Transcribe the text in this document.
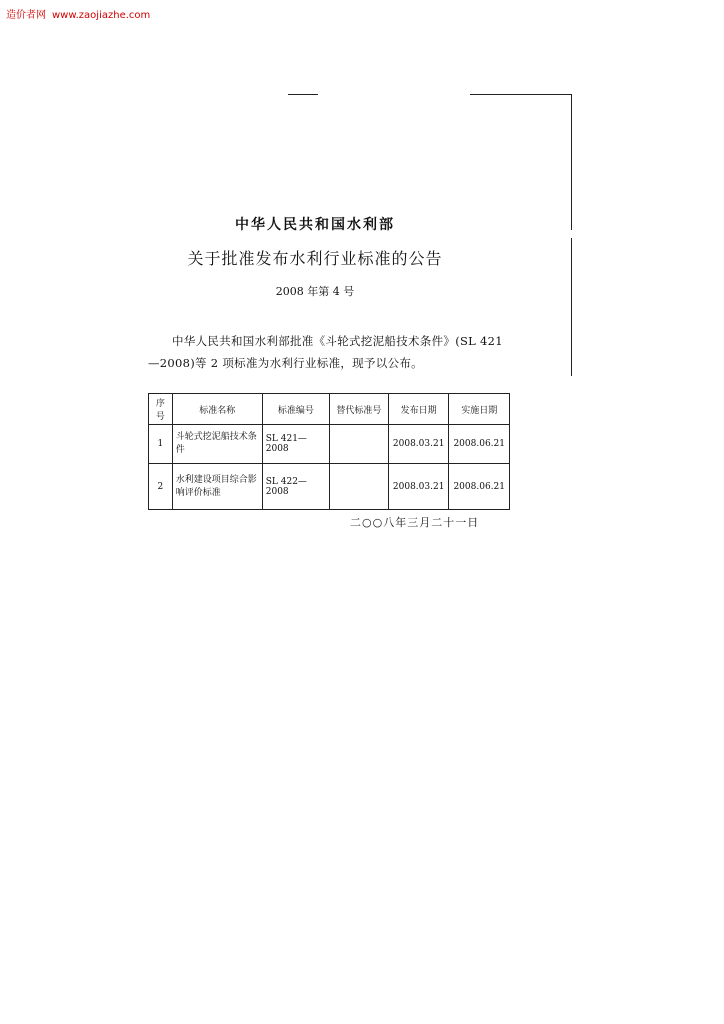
造价者网 www.zaojiazhe.com
中华人民共和国水利部
关于批准发布水利行业标准的公告
2008 年第 4 号
中华人民共和国水利部批准《斗轮式挖泥船技术条件》(SL 421—2008)等 2 项标准为水利行业标准，现予以公布。
序号	标准名称	标准编号	替代标准号	发布日期	实施日期
1	斗轮式挖泥船技术条件	SL 421—2008		2008.03.21	2008.06.21
2	水利建设项目综合影响评价标准	SL 422—2008		2008.03.21	2008.06.21
二○○八年三月二十一日
